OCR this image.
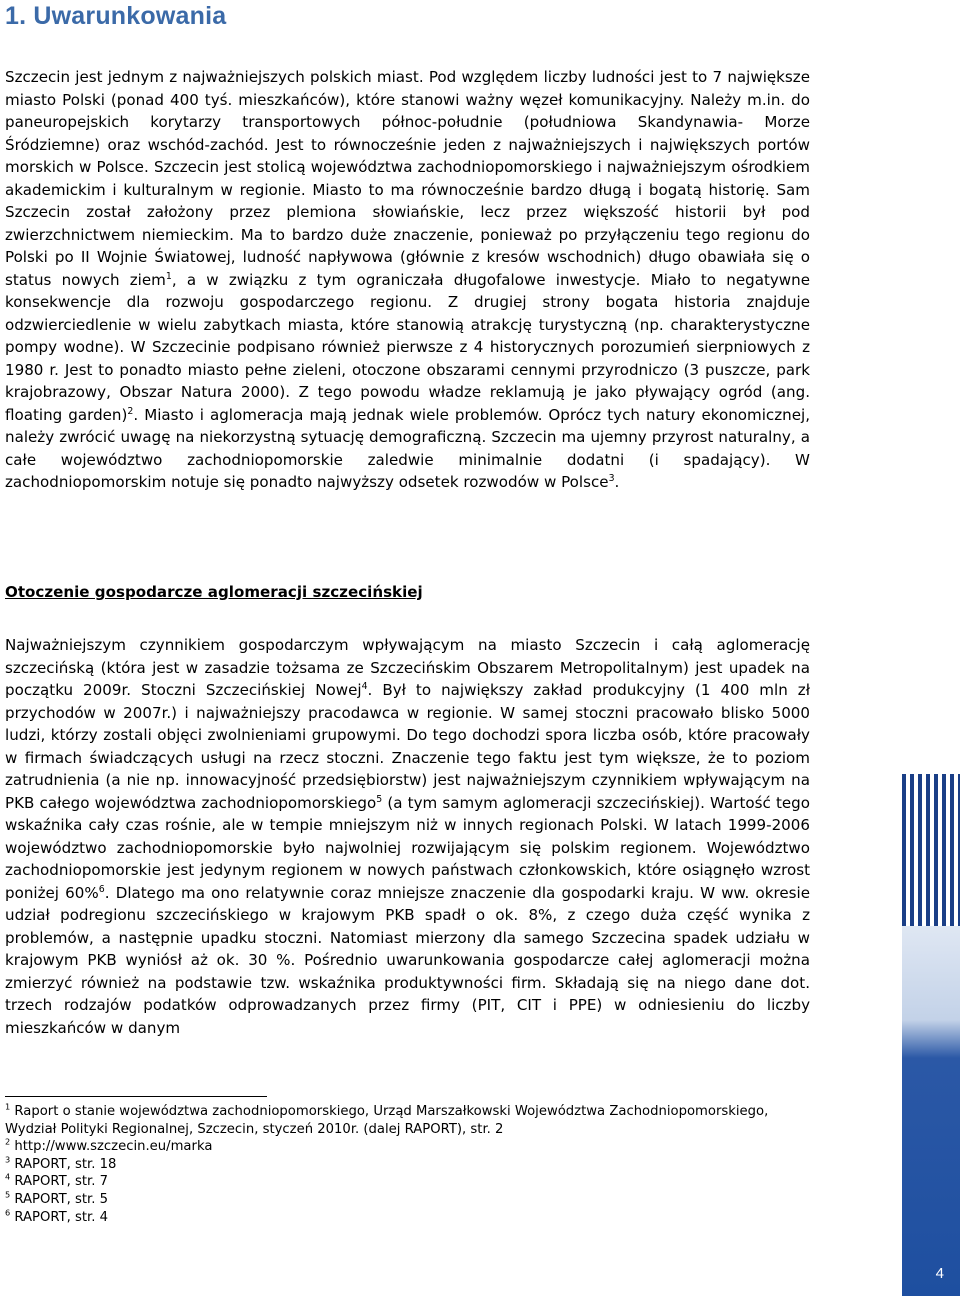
1. Uwarunkowania

Szczecin jest jednym z najważniejszych polskich miast. Pod względem liczby ludności jest to 7 największe miasto Polski (ponad 400 tyś. mieszkańców), które stanowi ważny węzeł komunikacyjny. Należy m.in. do paneuropejskich korytarzy transportowych północ-południe (południowa Skandynawia- Morze Śródziemne) oraz wschód-zachód. Jest to równocześnie jeden z najważniejszych i największych portów morskich w Polsce. Szczecin jest stolicą województwa zachodniopomorskiego i najważniejszym ośrodkiem akademickim i kulturalnym w regionie. Miasto to ma równocześnie bardzo długą i bogatą historię. Sam Szczecin został założony przez plemiona słowiańskie, lecz przez większość historii był pod zwierzchnictwem niemieckim. Ma to bardzo duże znaczenie, ponieważ po przyłączeniu tego regionu do Polski po II Wojnie Światowej, ludność napływowa (głównie z kresów wschodnich) długo obawiała się o status nowych ziem$^1$, a w związku z tym ograniczała długofalowe inwestycje. Miało to negatywne konsekwencje dla rozwoju gospodarczego regionu. Z drugiej strony bogata historia znajduje odzwierciedlenie w wielu zabytkach miasta, które stanowią atrakcję turystyczną (np. charakterystyczne pompy wodne). W Szczecinie podpisano również pierwsze z 4 historycznych porozumień sierpniowych z 1980 r. Jest to ponadto miasto pełne zieleni, otoczone obszarami cennymi przyrodniczo (3 puszcze, park krajobrazowy, Obszar Natura 2000). Z tego powodu władze reklamują je jako pływający ogród (ang. floating garden)$^2$. Miasto i aglomeracja mają jednak wiele problemów. Oprócz tych natury ekonomicznej, należy zwrócić uwagę na niekorzystną sytuację demograficzną. Szczecin ma ujemny przyrost naturalny, a całe województwo zachodniopomorskie zaledwie minimalnie dodatni (i spadający). W zachodniopomorskim notuje się ponadto najwyższy odsetek rozwodów w Polsce$^3$.

Otoczenie gospodarcze aglomeracji szczecińskiej

Najważniejszym czynnikiem gospodarczym wpływającym na miasto Szczecin i całą aglomerację szczecińską (która jest w zasadzie tożsama ze Szczecińskim Obszarem Metropolitalnym) jest upadek na początku 2009r. Stoczni Szczecińskiej Nowej$^4$. Był to największy zakład produkcyjny (1 400 mln zł przychodów w 2007r.) i najważniejszy pracodawca w regionie. W samej stoczni pracowało blisko 5000 ludzi, którzy zostali objęci zwolnieniami grupowymi. Do tego dochodzi spora liczba osób, które pracowały w firmach świadczących usługi na rzecz stoczni. Znaczenie tego faktu jest tym większe, że to poziom zatrudnienia (a nie np. innowacyjność przedsiębiorstw) jest najważniejszym czynnikiem wpływającym na PKB całego województwa zachodniopomorskiego$^5$ (a tym samym aglomeracji szczecińskiej). Wartość tego wskaźnika cały czas rośnie, ale w tempie mniejszym niż w innych regionach Polski. W latach 1999-2006 województwo zachodniopomorskie było najwolniej rozwijającym się polskim regionem. Województwo zachodniopomorskie jest jedynym regionem w nowych państwach członkowskich, które osiągnęło wzrost poniżej 60%$^6$. Dlatego ma ono relatywnie coraz mniejsze znaczenie dla gospodarki kraju. W ww. okresie udział podregionu szczecińskiego w krajowym PKB spadł o ok. 8%, z czego duża część wynika z problemów, a następnie upadku stoczni. Natomiast mierzony dla samego Szczecina spadek udziału w krajowym PKB wyniósł aż ok. 30 %. Pośrednio uwarunkowania gospodarcze całej aglomeracji można zmierzyć również na podstawie tzw. wskaźnika produktywności firm. Składają się na niego dane dot. trzech rodzajów podatków odprowadzanych przez firmy (PIT, CIT i PPE) w odniesieniu do liczby mieszkańców w danym

$^1$ Raport o stanie województwa zachodniopomorskiego, Urząd Marszałkowski Województwa Zachodniopomorskiego, Wydział Polityki Regionalnej, Szczecin, styczeń 2010r. (dalej RAPORT), str. 2

$^2$ http://www.szczecin.eu/marka

$^3$ RAPORT, str. 18

$^4$ RAPORT, str. 7

$^5$ RAPORT, str. 5

$^6$ RAPORT, str. 4

4
